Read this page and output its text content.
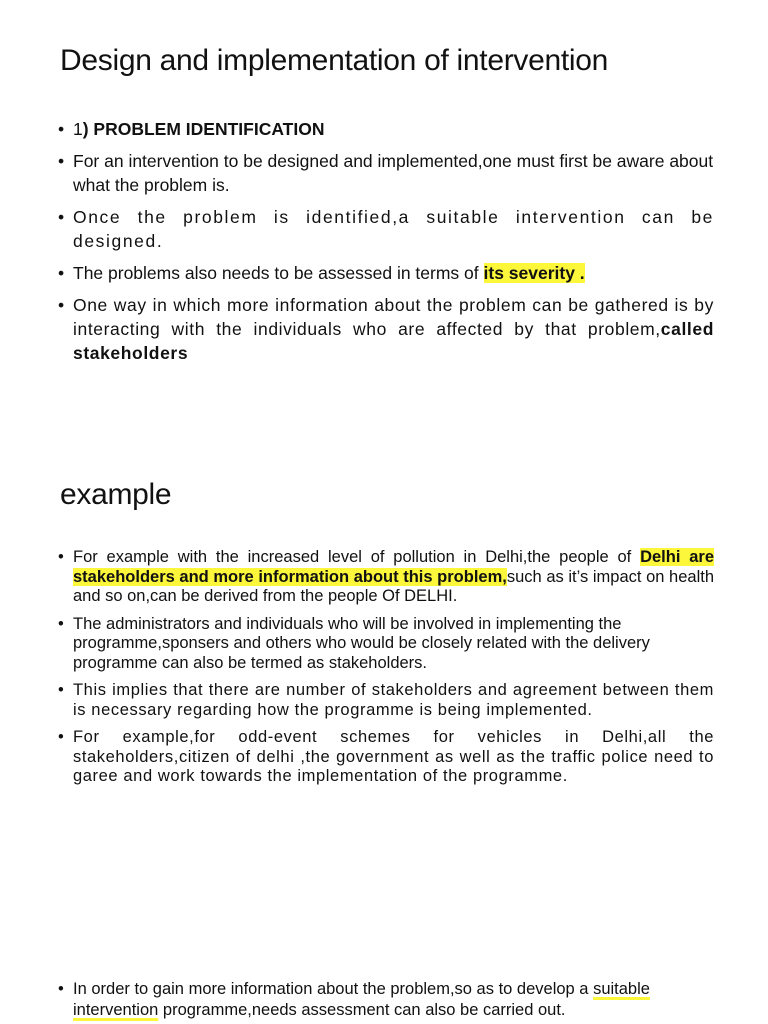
Design and implementation of intervention
• 1) PROBLEM IDENTIFICATION
• For an intervention to be designed and implemented,one must first be aware about what the problem is.
• Once the problem is identified,a suitable intervention can be designed.
• The problems also needs to be assessed in terms of its severity .
• One way in which more information about the problem can be gathered is by interacting with the individuals who are affected by that problem,called stakeholders
example
• For example with the increased level of pollution in Delhi,the people of Delhi are stakeholders and more information about this problem,such as it’s impact on health and so on,can be derived from the people Of DELHI.
• The administrators and individuals who will be involved in implementing the programme,sponsers and others who would be closely related with the delivery programme can also be termed as stakeholders.
• This implies that there are number of stakeholders and agreement between them is necessary regarding how the programme is being implemented.
• For example,for odd-event schemes for vehicles in Delhi,all the stakeholders,citizen of delhi ,the government as well as the traffic police need to garee and work towards the implementation of the programme.
• In order to gain more information about the problem,so as to develop a suitable intervention programme,needs assessment can also be carried out.
